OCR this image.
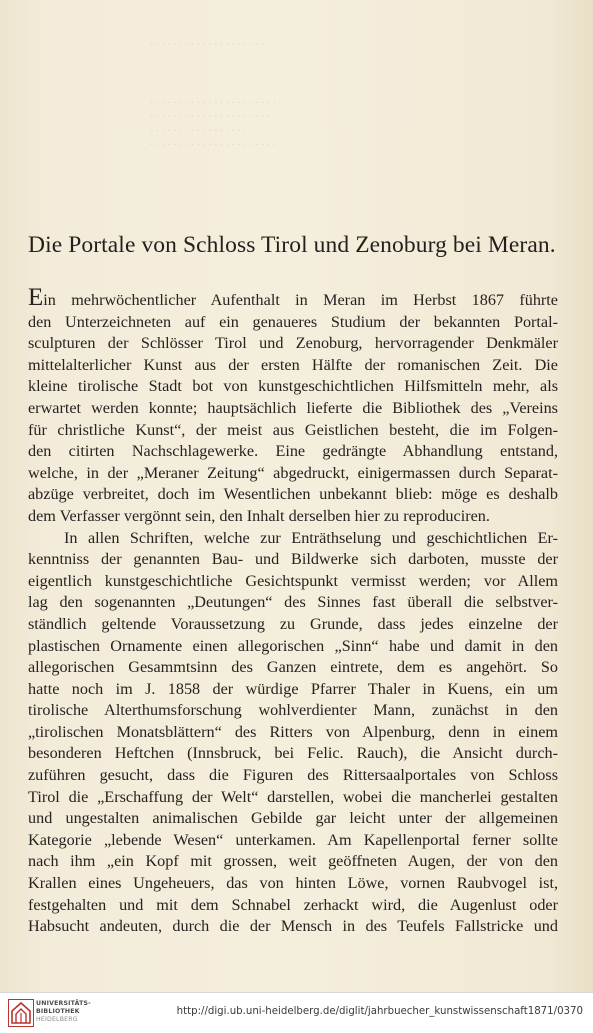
· · · · · · · · · · · · · · · · · · · ·
· · · · · · · · · · · · · · · · · · · · · · ·
· · · · · · · · · · · · · · · · · · · · ·
· · · · · · · · · · · · · · · · · ·
· · · · · · · · · · · · · · · · · · · · · ·
Die Portale von Schloss Tirol und Zenoburg bei Meran.
Ein mehrwöchentlicher Aufenthalt in Meran im Herbst 1867 führte
den Unterzeichneten auf ein genaueres Studium der bekannten Portal-
sculpturen der Schlösser Tirol und Zenoburg, hervorragender Denkmäler
mittelalterlicher Kunst aus der ersten Hälfte der romanischen Zeit. Die
kleine tirolische Stadt bot von kunstgeschichtlichen Hilfsmitteln mehr, als
erwartet werden konnte; hauptsächlich lieferte die Bibliothek des „Vereins
für christliche Kunst“, der meist aus Geistlichen besteht, die im Folgen-
den citirten Nachschlagewerke. Eine gedrängte Abhandlung entstand,
welche, in der „Meraner Zeitung“ abgedruckt, einigermassen durch Separat-
abzüge verbreitet, doch im Wesentlichen unbekannt blieb: möge es deshalb
dem Verfasser vergönnt sein, den Inhalt derselben hier zu reproduciren.
In allen Schriften, welche zur Enträthselung und geschichtlichen Er-
kenntniss der genannten Bau- und Bildwerke sich darboten, musste der
eigentlich kunstgeschichtliche Gesichtspunkt vermisst werden; vor Allem
lag den sogenannten „Deutungen“ des Sinnes fast überall die selbstver-
ständlich geltende Voraussetzung zu Grunde, dass jedes einzelne der
plastischen Ornamente einen allegorischen „Sinn“ habe und damit in den
allegorischen Gesammtsinn des Ganzen eintrete, dem es angehört. So
hatte noch im J. 1858 der würdige Pfarrer Thaler in Kuens, ein um
tirolische Alterthumsforschung wohlverdienter Mann, zunächst in den
„tirolischen Monatsblättern“ des Ritters von Alpenburg, denn in einem
besonderen Heftchen (Innsbruck, bei Felic. Rauch), die Ansicht durch-
zuführen gesucht, dass die Figuren des Rittersaalportales von Schloss
Tirol die „Erschaffung der Welt“ darstellen, wobei die mancherlei gestalten
und ungestalten animalischen Gebilde gar leicht unter der allgemeinen
Kategorie „lebende Wesen“ unterkamen. Am Kapellenportal ferner sollte
nach ihm „ein Kopf mit grossen, weit geöffneten Augen, der von den
Krallen eines Ungeheuers, das von hinten Löwe, vornen Raubvogel ist,
festgehalten und mit dem Schnabel zerhackt wird, die Augenlust oder
Habsucht andeuten, durch die der Mensch in des Teufels Fallstricke und
UNIVERSITÄTS-
BIBLIOTHEK
HEIDELBERG
http://digi.ub.uni-heidelberg.de/diglit/jahrbuecher_kunstwissenschaft1871/0370
